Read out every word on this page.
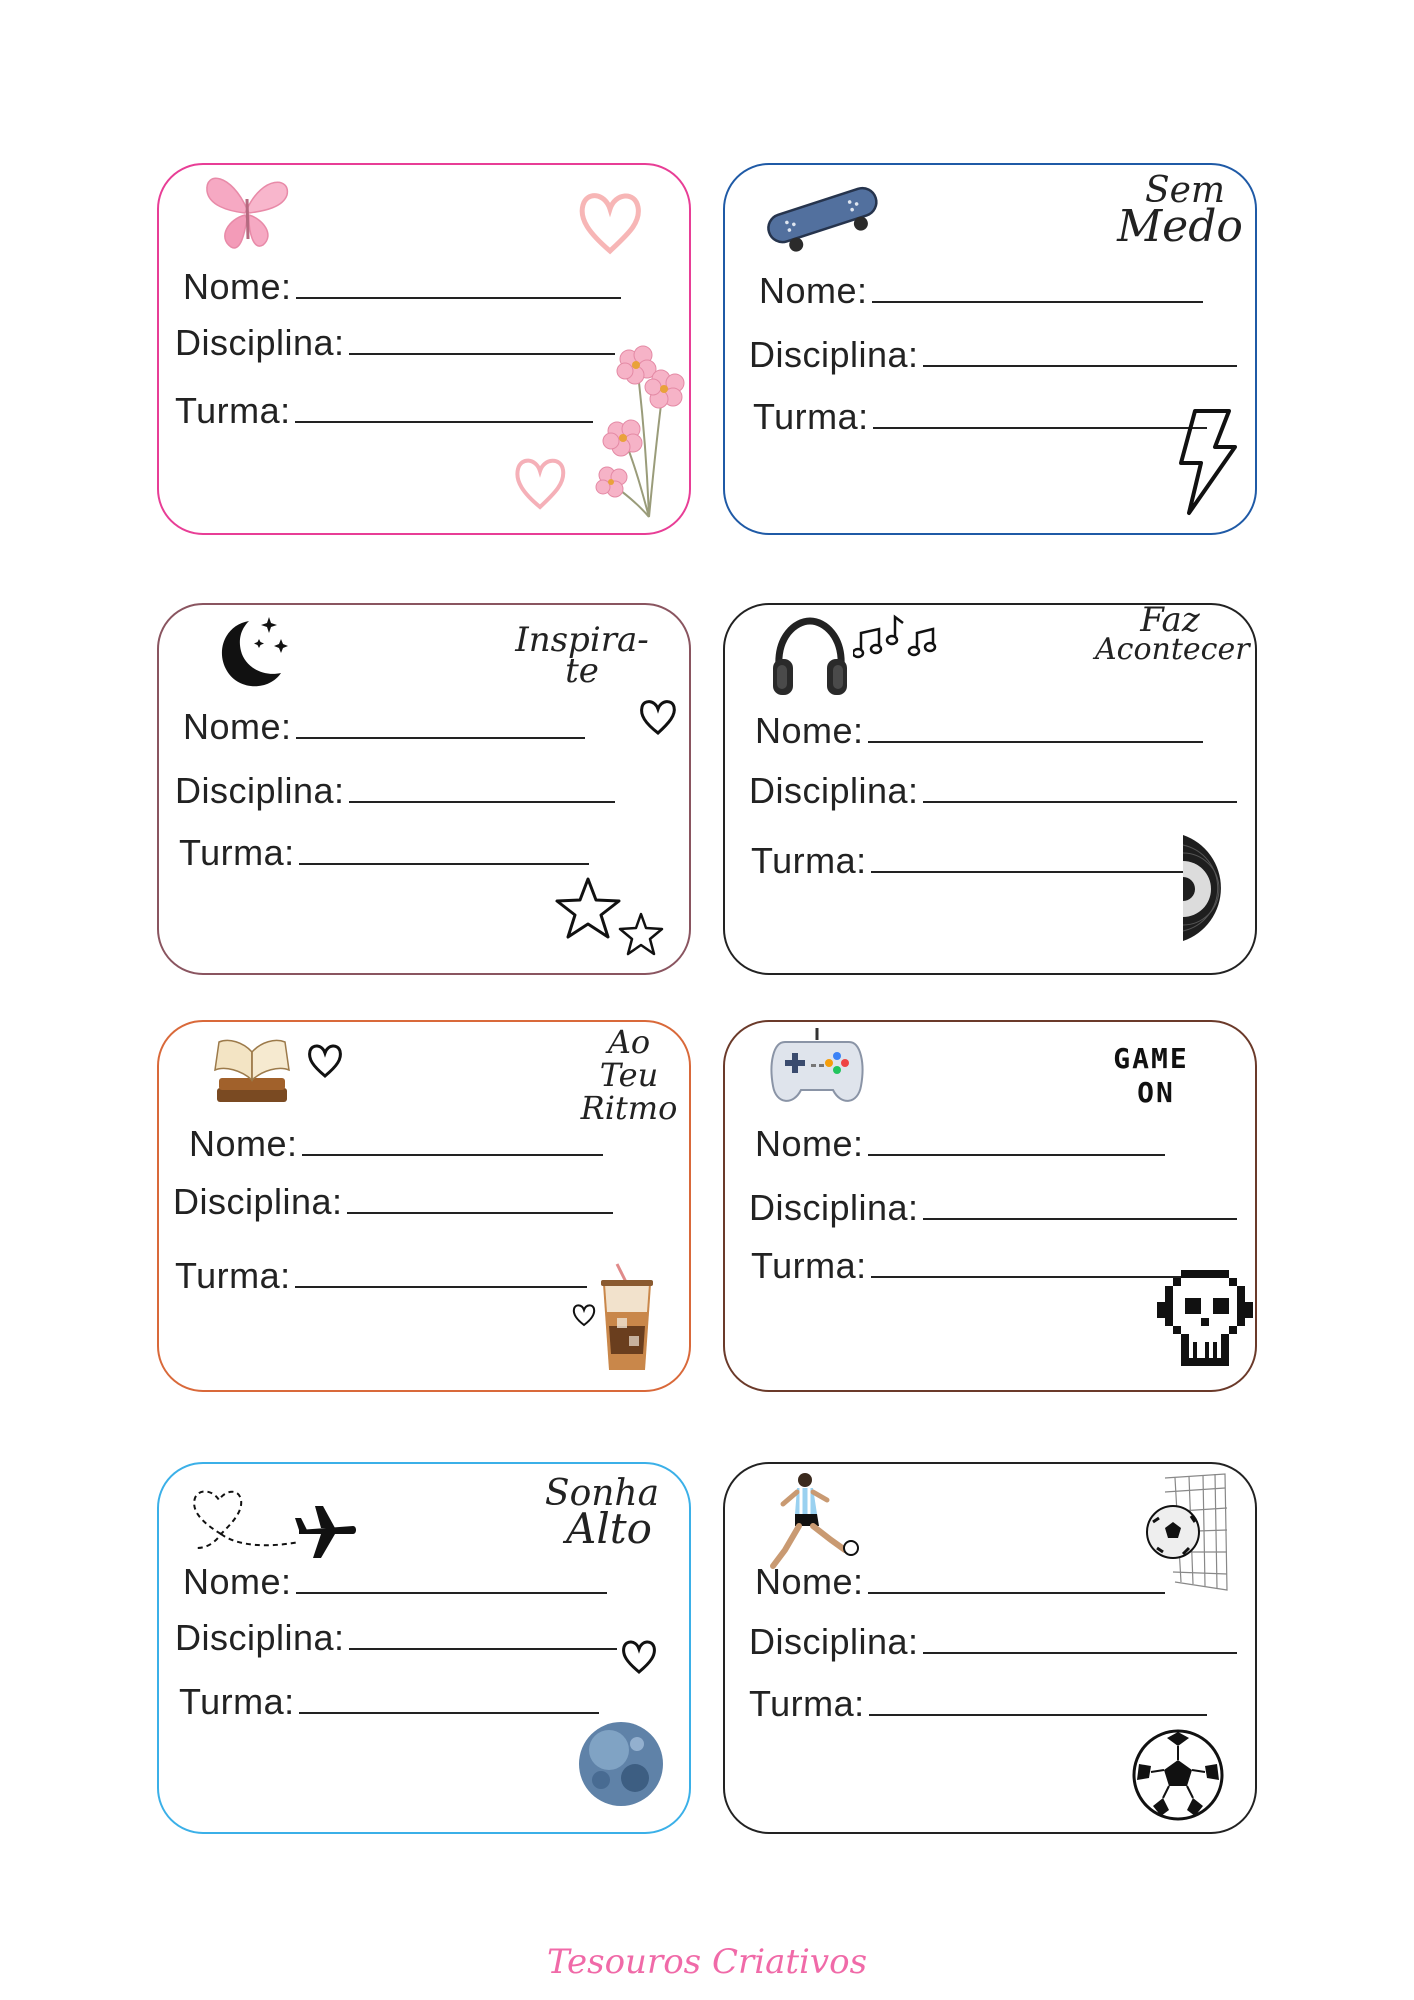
Nome:
Disciplina:
Turma:
Sem
Medo
Nome:
Disciplina:
Turma:
Inspira-te
Nome:
Disciplina:
Turma:
Faz
Acontecer
Nome:
Disciplina:
Turma:
Ao
Teu
Ritmo
Nome:
Disciplina:
Turma:
GAME
ON
Nome:
Disciplina:
Turma:
Sonha
Alto
Nome:
Disciplina:
Turma:
Nome:
Disciplina:
Turma:
Tesouros Criativos
